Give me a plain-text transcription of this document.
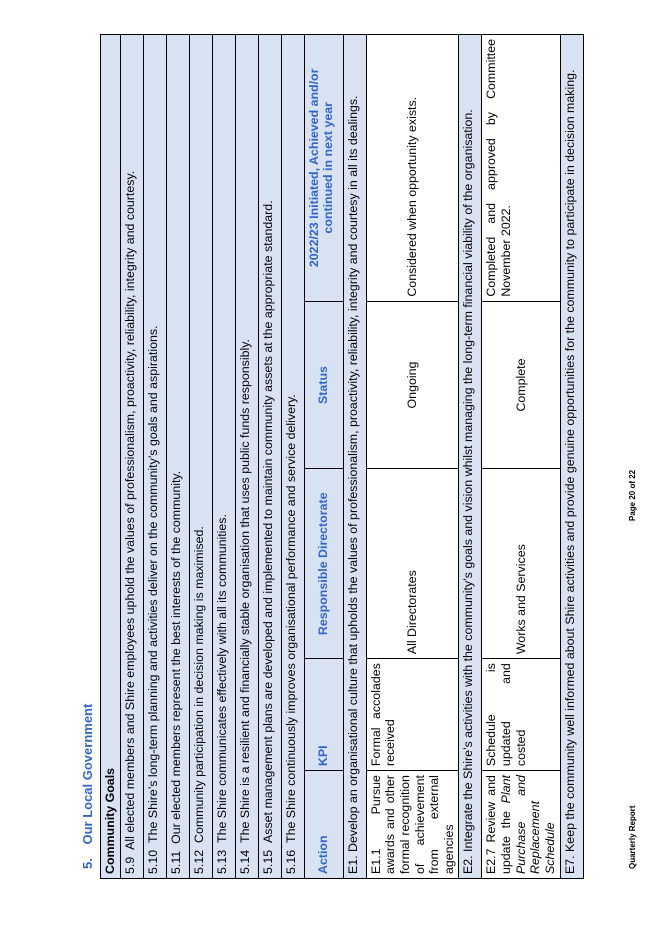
5. Our Local Government Community Goals				
5.9  All elected members and Shire employees uphold the values of professionalism, proactivity, reliability, integrity and courtesy.				
5.10  The Shire’s long-term planning and activities deliver on the community’s goals and aspirations.				
5.11  Our elected members represent the best interests of the community.				
5.12  Community participation in decision making is maximised.				
5.13  The Shire communicates effectively with all its communities.				
5.14  The Shire is a resilient and financially stable organisation that uses public funds responsibly.				
5.15  Asset management plans are developed and implemented to maintain community assets at the appropriate standard.				
5.16  The Shire continuously improves organisational performance and service delivery.				
Action	KPI	Responsible Directorate	Status	2022/23 Initiated, Achieved and/or continued in next year
E1. Develop an organisational culture that upholds the values of professionalism, proactivity, reliability, integrity and courtesy in all its dealings.				
E1.1 Pursue awards and other formal recognition of achievement from external agencies	Formal accolades received	All Directorates	Ongoing	Considered when opportunity exists.
E2. Integrate the Shire’s activities with the community’s goals and vision whilst managing the long-term financial viability of the organisation.				
E2.7 Review and update the Plant Purchase and Replacement Schedule	Schedule is updated and costed	Works and Services	Complete	Completed and approved by Committee November 2022.
E7. Keep the community well informed about Shire activities and provide genuine opportunities for the community to participate in decision making.					Quarterly Report
Page 20 of 22
